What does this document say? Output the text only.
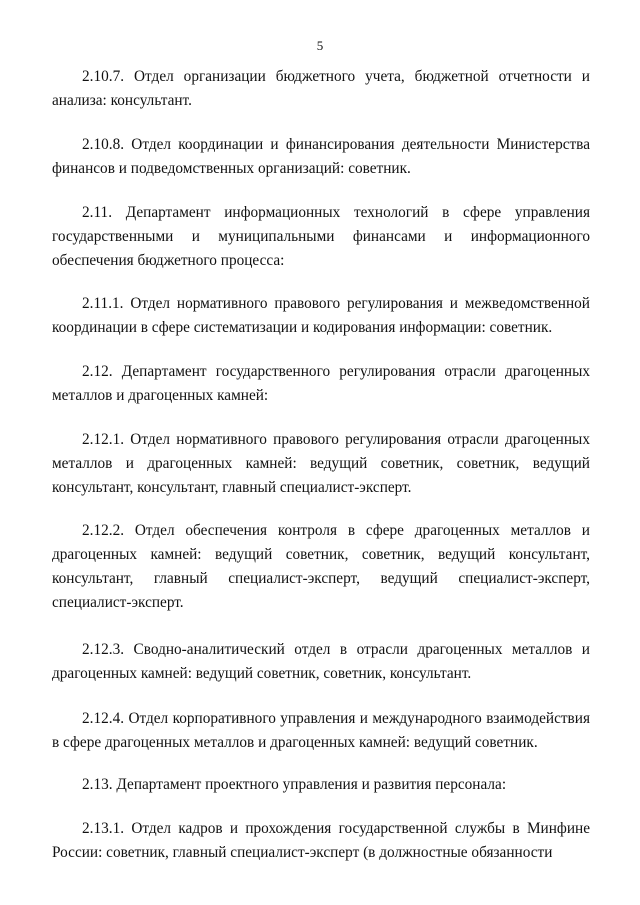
5

2.10.7. Отдел организации бюджетного учета, бюджетной отчетности и анализа: консультант.

2.10.8. Отдел координации и финансирования деятельности Министерства финансов и подведомственных организаций: советник.

2.11. Департамент информационных технологий в сфере управления государственными и муниципальными финансами и информационного обеспечения бюджетного процесса:

2.11.1. Отдел нормативного правового регулирования и межведомственной координации в сфере систематизации и кодирования информации: советник.

2.12. Департамент государственного регулирования отрасли драгоценных металлов и драгоценных камней:

2.12.1. Отдел нормативного правового регулирования отрасли драгоценных металлов и драгоценных камней: ведущий советник, советник, ведущий консультант, консультант, главный специалист-эксперт.

2.12.2. Отдел обеспечения контроля в сфере драгоценных металлов и драгоценных камней: ведущий советник, советник, ведущий консультант, консультант, главный специалист-эксперт, ведущий специалист-эксперт, специалист-эксперт.

2.12.3. Сводно-аналитический отдел в отрасли драгоценных металлов и драгоценных камней: ведущий советник, советник, консультант.

2.12.4. Отдел корпоративного управления и международного взаимодействия в сфере драгоценных металлов и драгоценных камней: ведущий советник.

2.13. Департамент проектного управления и развития персонала:

2.13.1. Отдел кадров и прохождения государственной службы в Минфине России: советник, главный специалист-эксперт (в должностные обязанности
